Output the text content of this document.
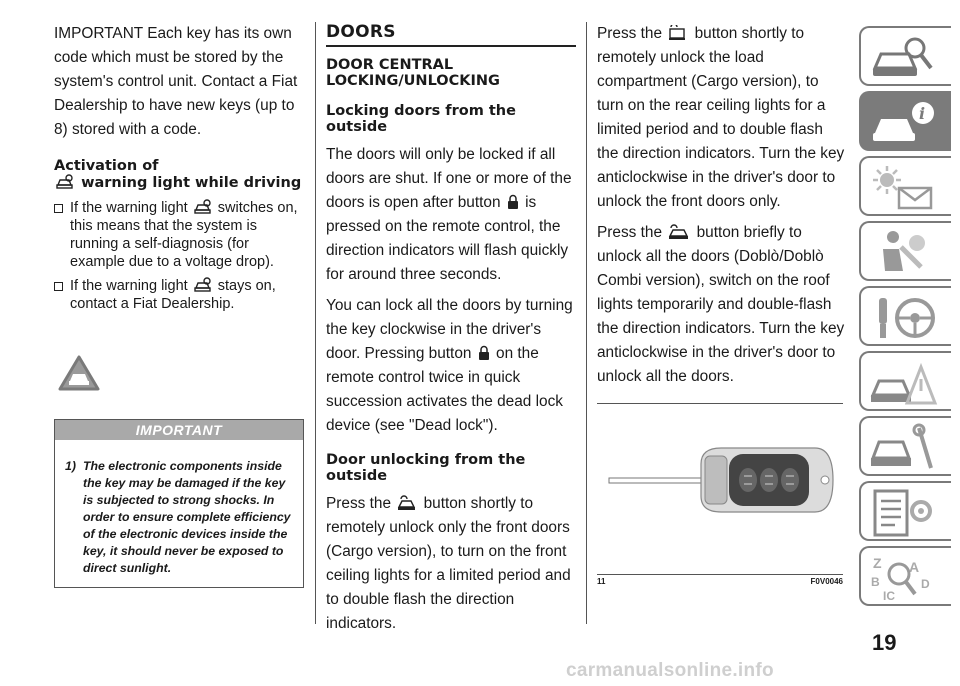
IMPORTANT Each key has its own code which must be stored by the system's control unit. Contact a Fiat Dealership to have new keys (up to 8) stored with a code.

Activation of
warning light while driving
If the warning light switches on, this means that the system is running a self-diagnosis (for example due to a voltage drop).
If the warning light stays on, contact a Fiat Dealership.
IMPORTANT
1) The electronic components inside the key may be damaged if the key is subjected to strong shocks. In order to ensure complete efficiency of the electronic devices inside the key, it should never be exposed to direct sunlight.
DOORS
DOOR CENTRAL LOCKING/UNLOCKING
Locking doors from the outside

The doors will only be locked if all doors are shut. If one or more of the doors is open after button is pressed on the remote control, the direction indicators will flash quickly for around three seconds.

You can lock all the doors by turning the key clockwise in the driver's door. Pressing button on the remote control twice in quick succession activates the dead lock device (see "Dead lock").

Door unlocking from the outside

Press the button shortly to remotely unlock only the front doors (Cargo version), to turn on the front ceiling lights for a limited period and to double flash the direction indicators.

Press the button shortly to remotely unlock the load compartment (Cargo version), to turn on the rear ceiling lights for a limited period and to double flash the direction indicators. Turn the key anticlockwise in the driver's door to unlock the front doors only.

Press the button briefly to unlock all the doors (Doblò/Doblò Combi version), switch on the roof lights temporarily and double-flash the direction indicators. Turn the key anticlockwise in the driver's door to unlock all the doors.

11	F0V0046
i
Z A
B	D
IC
19
carmanualsonline.info
